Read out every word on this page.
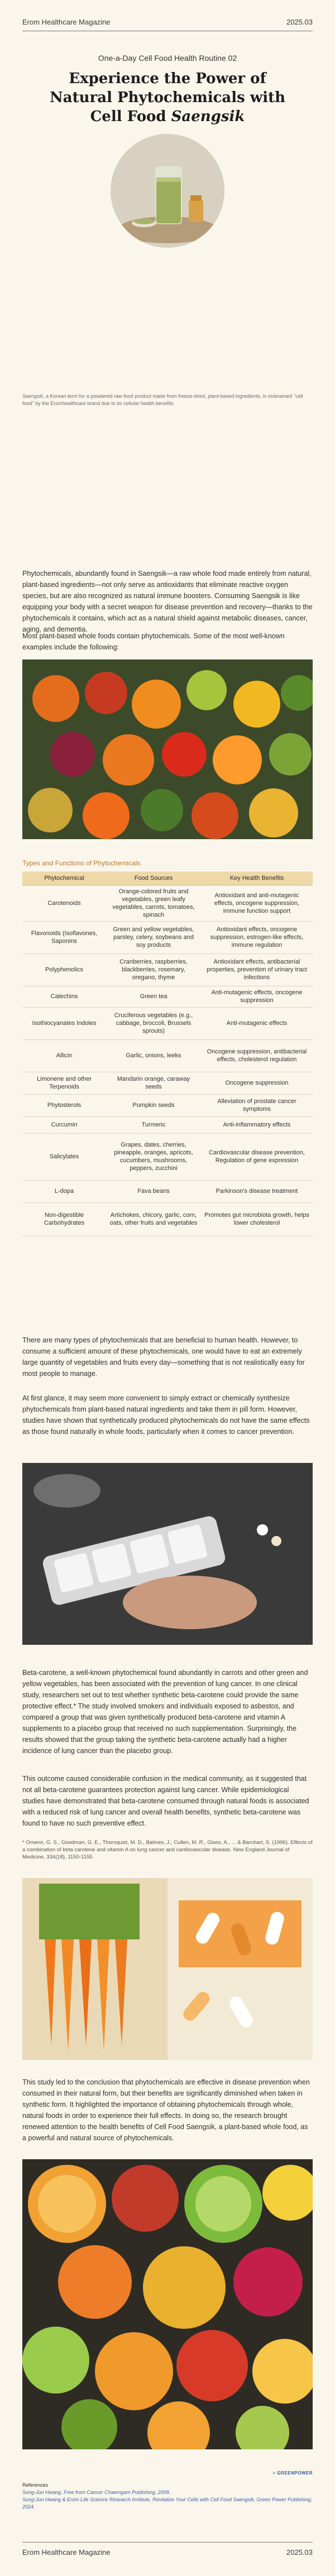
Erom Healthcare Magazine	2025.03
One-a-Day Cell Food Health Routine 02
Experience the Power of
Natural Phytochemicals with
Cell Food Saengsik
Saengsik, a Korean term for a powdered raw food product made from freeze-dried, plant-based ingredients, is nicknamed "cell food" by the Eromhealthcare brand due to its cellular health benefits.

Phytochemicals, abundantly found in Saengsik—a raw whole food made entirely from natural, plant-based ingredients—not only serve as antioxidants that eliminate reactive oxygen species, but are also recognized as natural immune boosters. Consuming Saengsik is like equipping your body with a secret weapon for disease prevention and recovery—thanks to the phytochemicals it contains, which act as a natural shield against metabolic diseases, cancer, aging, and dementia.

Most plant-based whole foods contain phytochemicals. Some of the most well-known examples include the following:

Types and Functions of Phytochemicals
Phytochemical	Food Sources	Key Health Benefits
Carotenoids	Orange-colored fruits and vegetables, green leafy vegetables, carrots, tomatoes, spinach	Antioxidant and anti-mutagenic effects, oncogene suppression, immune function support
Flavonoids (Isoflavones, Saponins	Green and yellow vegetables, parsley, celery, soybeans and soy products	Antioxidant effects, oncogene suppression, estrogen-like effects, immune regulation
Polyphenolics	Cranberries, raspberries, blackberries, rosemary, oregano, thyme	Antioxidant effects, antibacterial properties, prevention of urinary tract infections
Catechins	Green tea	Anti-mutagenic effects, oncogene suppression
Isothiocyanates Indoles	Cruciferous vegetables (e.g., cabbage, broccoli, Brussels sprouts)	Anti-mutagenic effects
Allicin	Garlic, onions, leeks	Oncogene suppression, antibacterial effects, cholesterol regulation
Limonene and other Terpenoids	Mandarin orange, caraway seeds	Oncogene suppression
Phytosterols	Pumpkin seeds	Alleviation of prostate cancer symptoms
Curcumin	Turmeric	Anti-inflammatory effects
Salicylates	Grapes, dates, cherries, pineapple, oranges, apricots, cucumbers, mushrooms, peppers, zucchini	Cardiovascular disease prevention, Regulation of gene expression
L-dopa	Fava beans	Parkinson's disease treatment
Non-digestible Carbohydrates	Artichokes, chicory, garlic, corn, oats, other fruits and vegetables	Promotes gut microbiota growth, helps lower cholesterol

There are many types of phytochemicals that are beneficial to human health. However, to consume a sufficient amount of these phytochemicals, one would have to eat an extremely large quantity of vegetables and fruits every day—something that is not realistically easy for most people to manage.

At first glance, it may seem more convenient to simply extract or chemically synthesize phytochemicals from plant-based natural ingredients and take them in pill form. However, studies have shown that synthetically produced phytochemicals do not have the same effects as those found naturally in whole foods, particularly when it comes to cancer prevention.

Beta-carotene, a well-known phytochemical found abundantly in carrots and other green and yellow vegetables, has been associated with the prevention of lung cancer. In one clinical study, researchers set out to test whether synthetic beta-carotene could provide the same protective effect.* The study involved smokers and individuals exposed to asbestos, and compared a group that was given synthetically produced beta-carotene and vitamin A supplements to a placebo group that received no such supplementation. Surprisingly, the results showed that the group taking the synthetic beta-carotene actually had a higher incidence of lung cancer than the placebo group.

This outcome caused considerable confusion in the medical community, as it suggested that not all beta-carotene guarantees protection against lung cancer. While epidemiological studies have demonstrated that beta-carotene consumed through natural foods is associated with a reduced risk of lung cancer and overall health benefits, synthetic beta-carotene was found to have no such preventive effect.

* Omenn, G. S., Goodman, G. E., Thornquist, M. D., Balmes, J., Cullen, M. R., Glass, A., ... & Barnhart, S. (1996). Effects of a combination of beta carotene and vitamin A on lung cancer and cardiovascular disease. New England Journal of Medicine, 334(18), 1150-1155.

This study led to the conclusion that phytochemicals are effective in disease prevention when consumed in their natural form, but their benefits are significantly diminished when taken in synthetic form. It highlighted the importance of obtaining phytochemicals through whole, natural foods in order to experience their full effects. In doing so, the research brought renewed attention to the health benefits of Cell Food Saengsik, a plant-based whole food, as a powerful and natural source of phytochemicals.

≡ GREENPOWER
References
Sung-Jun Hwang, Free from Cancer Chaemgam Publishing, 2009.
Sung-Jun Hwang & Erom Life Science Research Institute, Revitalize Your Cells with Cell Food Saengsik, Green Power Publishing, 2024.
Erom Healthcare Magazine	2025.03
